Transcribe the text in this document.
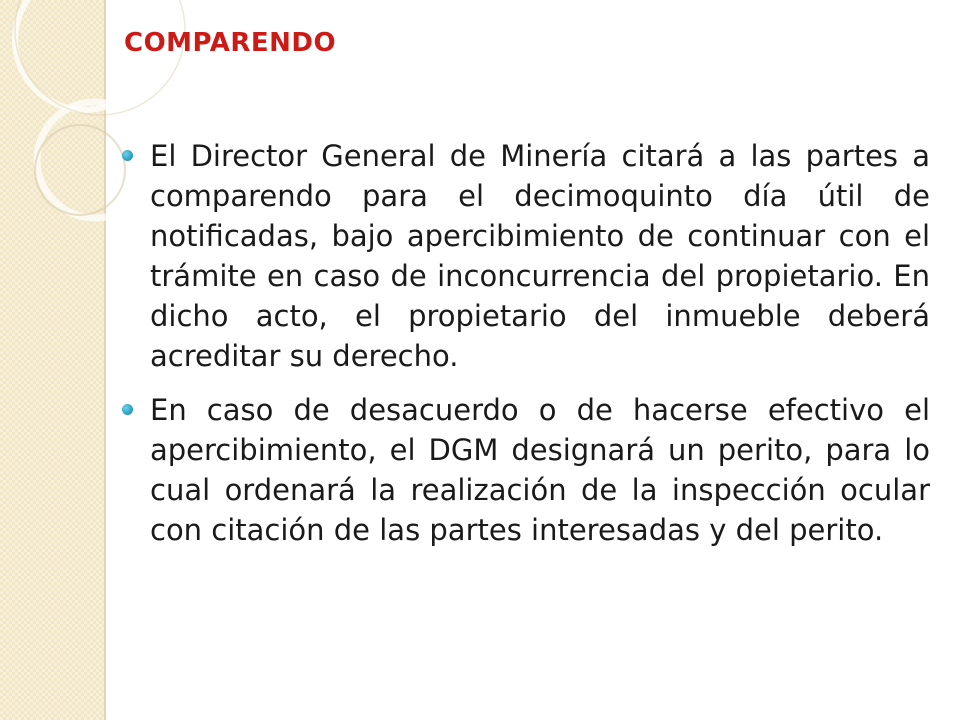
COMPARENDO

El Director General de Minería citará a las partes a comparendo para el decimoquinto día útil de notificadas, bajo apercibimiento de continuar con el trámite en caso de inconcurrencia del propietario. En dicho acto, el propietario del inmueble deberá acreditar su derecho.

En caso de desacuerdo o de hacerse efectivo el apercibimiento, el DGM designará un perito, para lo cual ordenará la realización de la inspección ocular con citación de las partes interesadas y del perito.
